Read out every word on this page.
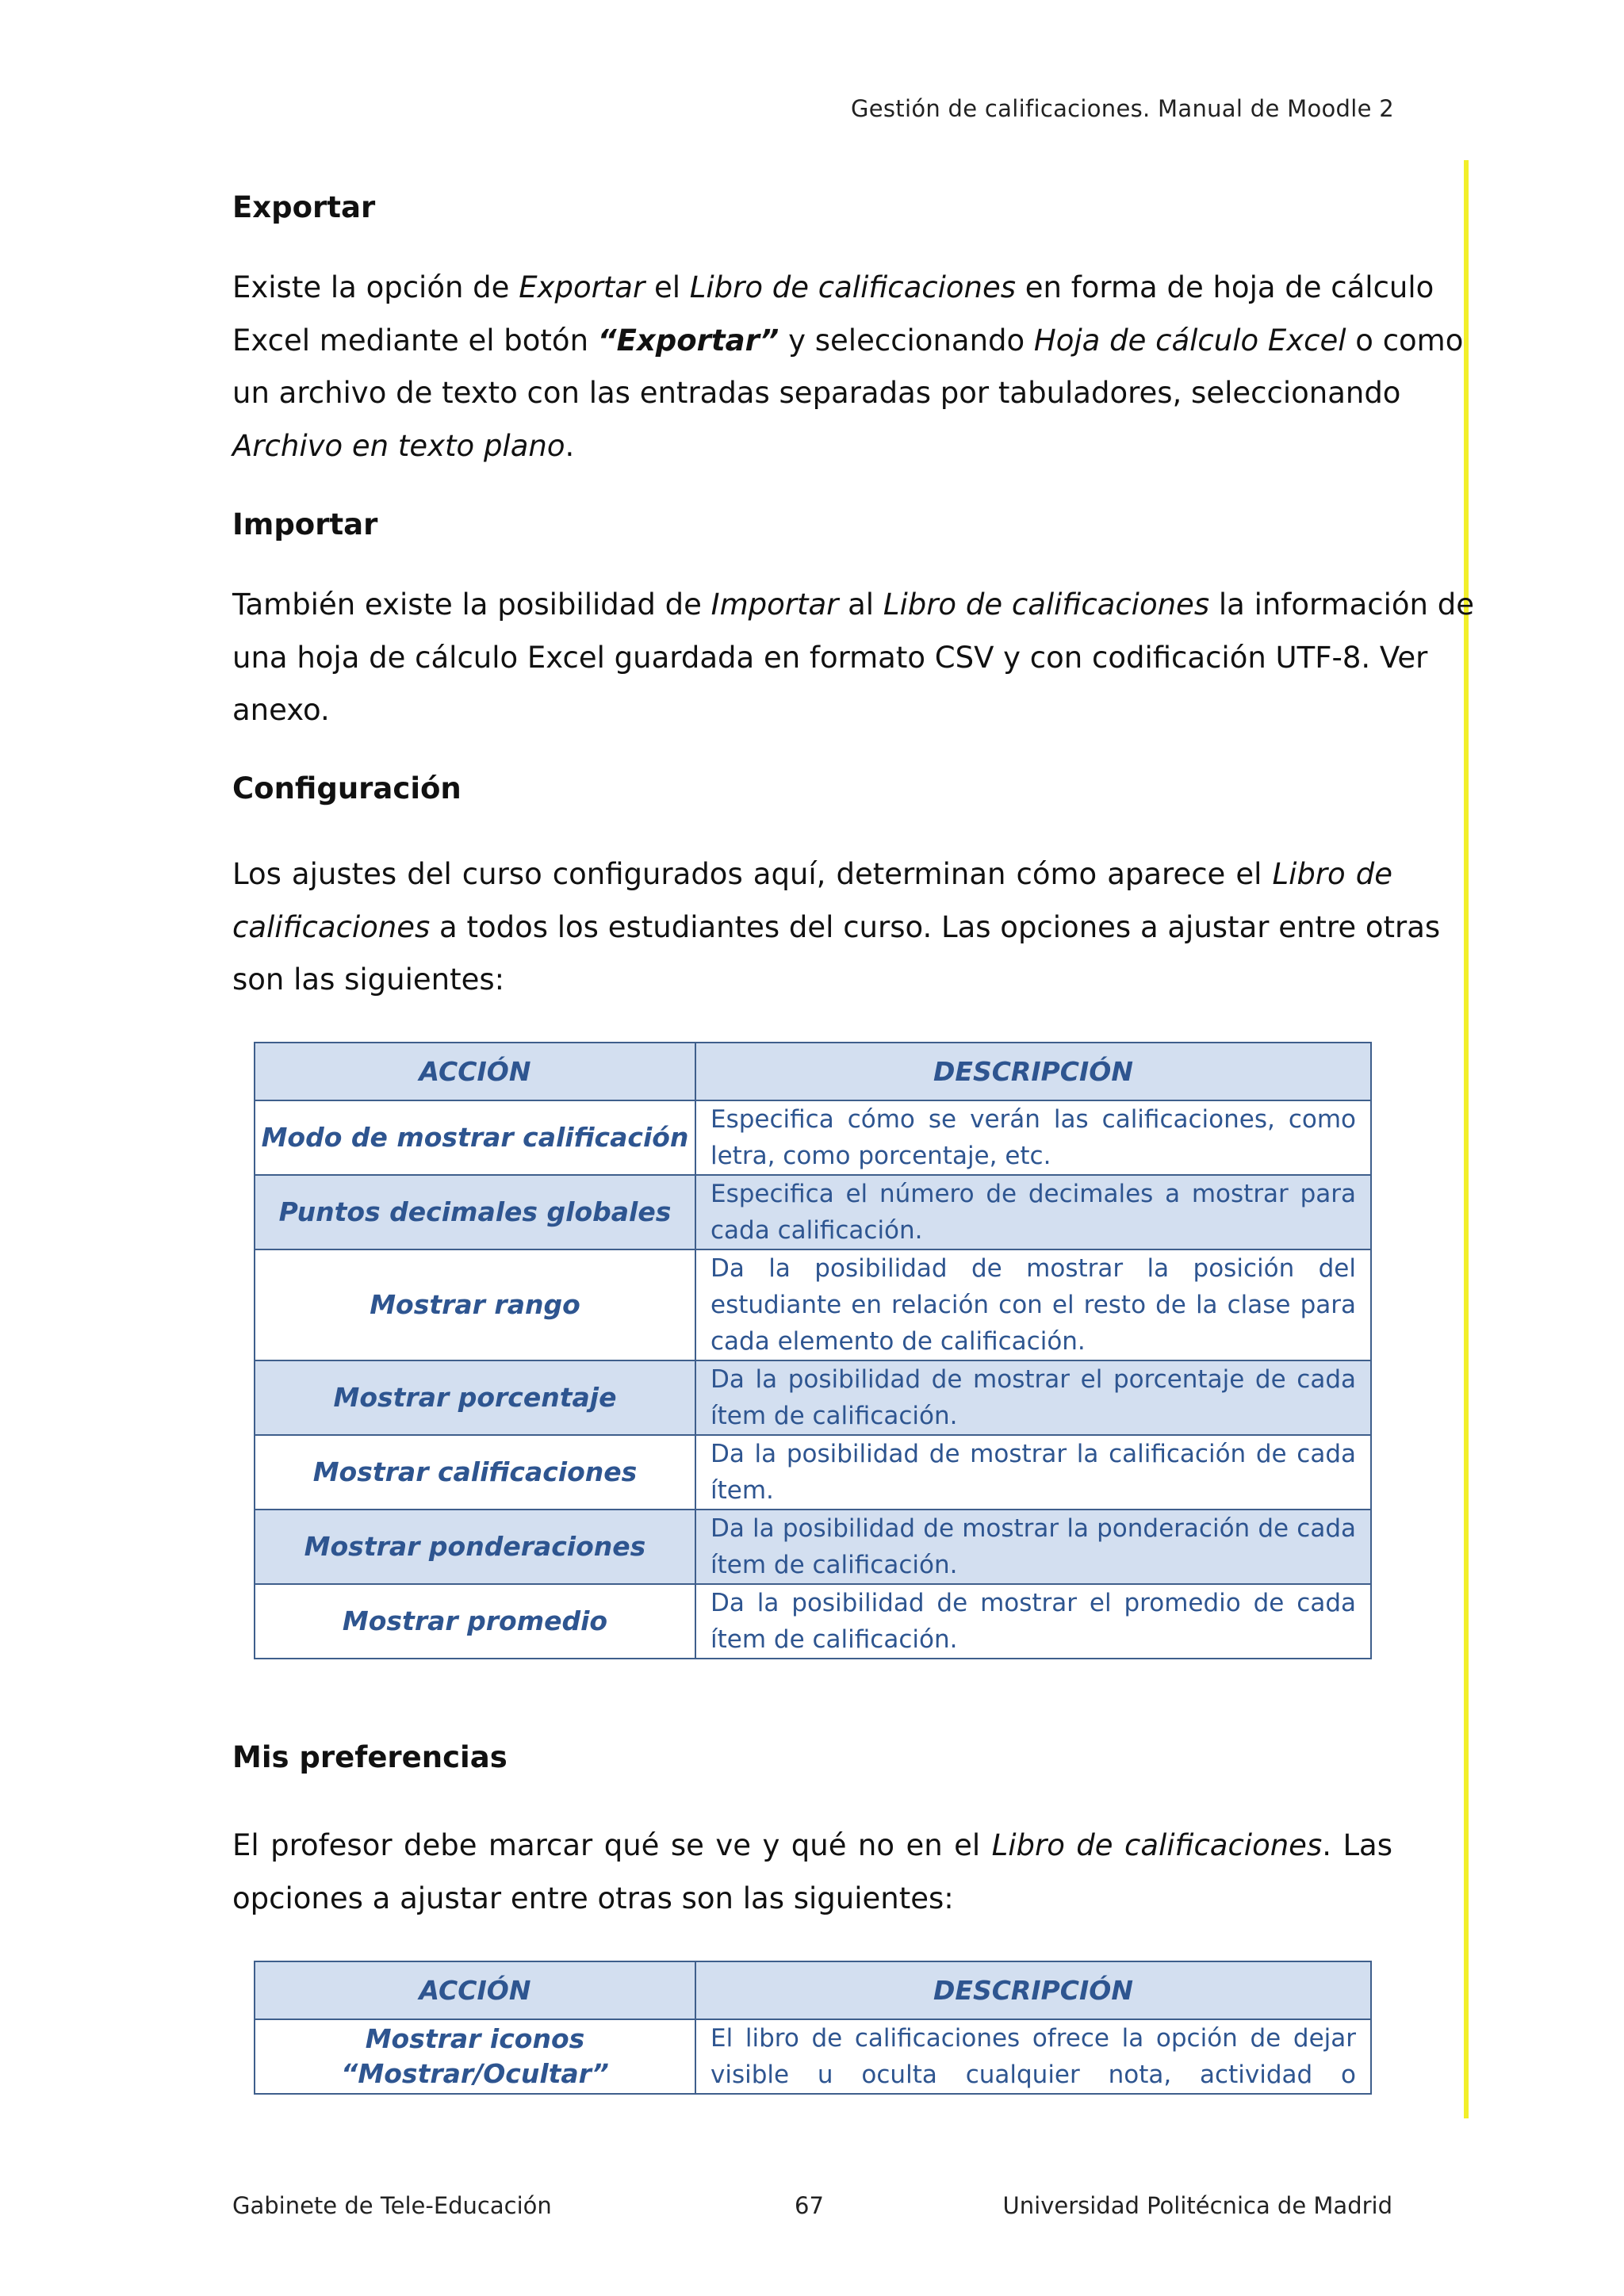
Gestión de calificaciones. Manual de Moodle 2
Exportar
Existe la opción de Exportar el Libro de calificaciones en forma de hoja de cálculo
Excel mediante el botón “Exportar” y seleccionando Hoja de cálculo Excel o como
un archivo de texto con las entradas separadas por tabuladores, seleccionando
Archivo en texto plano.
Importar
También existe la posibilidad de Importar al Libro de calificaciones la información de
una hoja de cálculo Excel guardada en formato CSV y con codificación UTF-8. Ver
anexo.
Configuración
Los ajustes del curso configurados aquí, determinan cómo aparece el Libro de
calificaciones a todos los estudiantes del curso. Las opciones a ajustar entre otras
son las siguientes:
ACCIÓN	DESCRIPCIÓN
Modo de mostrar calificación	Especifica cómo se verán las calificaciones, como
letra, como porcentaje, etc.

Puntos decimales globales	Especifica el número de decimales a mostrar para
cada calificación.

Mostrar rango	Da la posibilidad de mostrar la posición del
estudiante en relación con el resto de la clase para
cada elemento de calificación.

Mostrar porcentaje	Da la posibilidad de mostrar el porcentaje de cada
ítem de calificación.

Mostrar calificaciones	Da la posibilidad de mostrar la calificación de cada
ítem.

Mostrar ponderaciones	Da la posibilidad de mostrar la ponderación de cada
ítem de calificación.

Mostrar promedio	Da la posibilidad de mostrar el promedio de cada
ítem de calificación.
Mis preferencias
El profesor debe marcar qué se ve y qué no en el Libro de calificaciones. Las
opciones a ajustar entre otras son las siguientes:
ACCIÓN	DESCRIPCIÓN

Mostrar iconos
“Mostrar/Ocultar”	El libro de calificaciones ofrece la opción de dejar
visible u oculta cualquier nota, actividad o
Gabinete de Tele-Educación	67	Universidad Politécnica de Madrid
